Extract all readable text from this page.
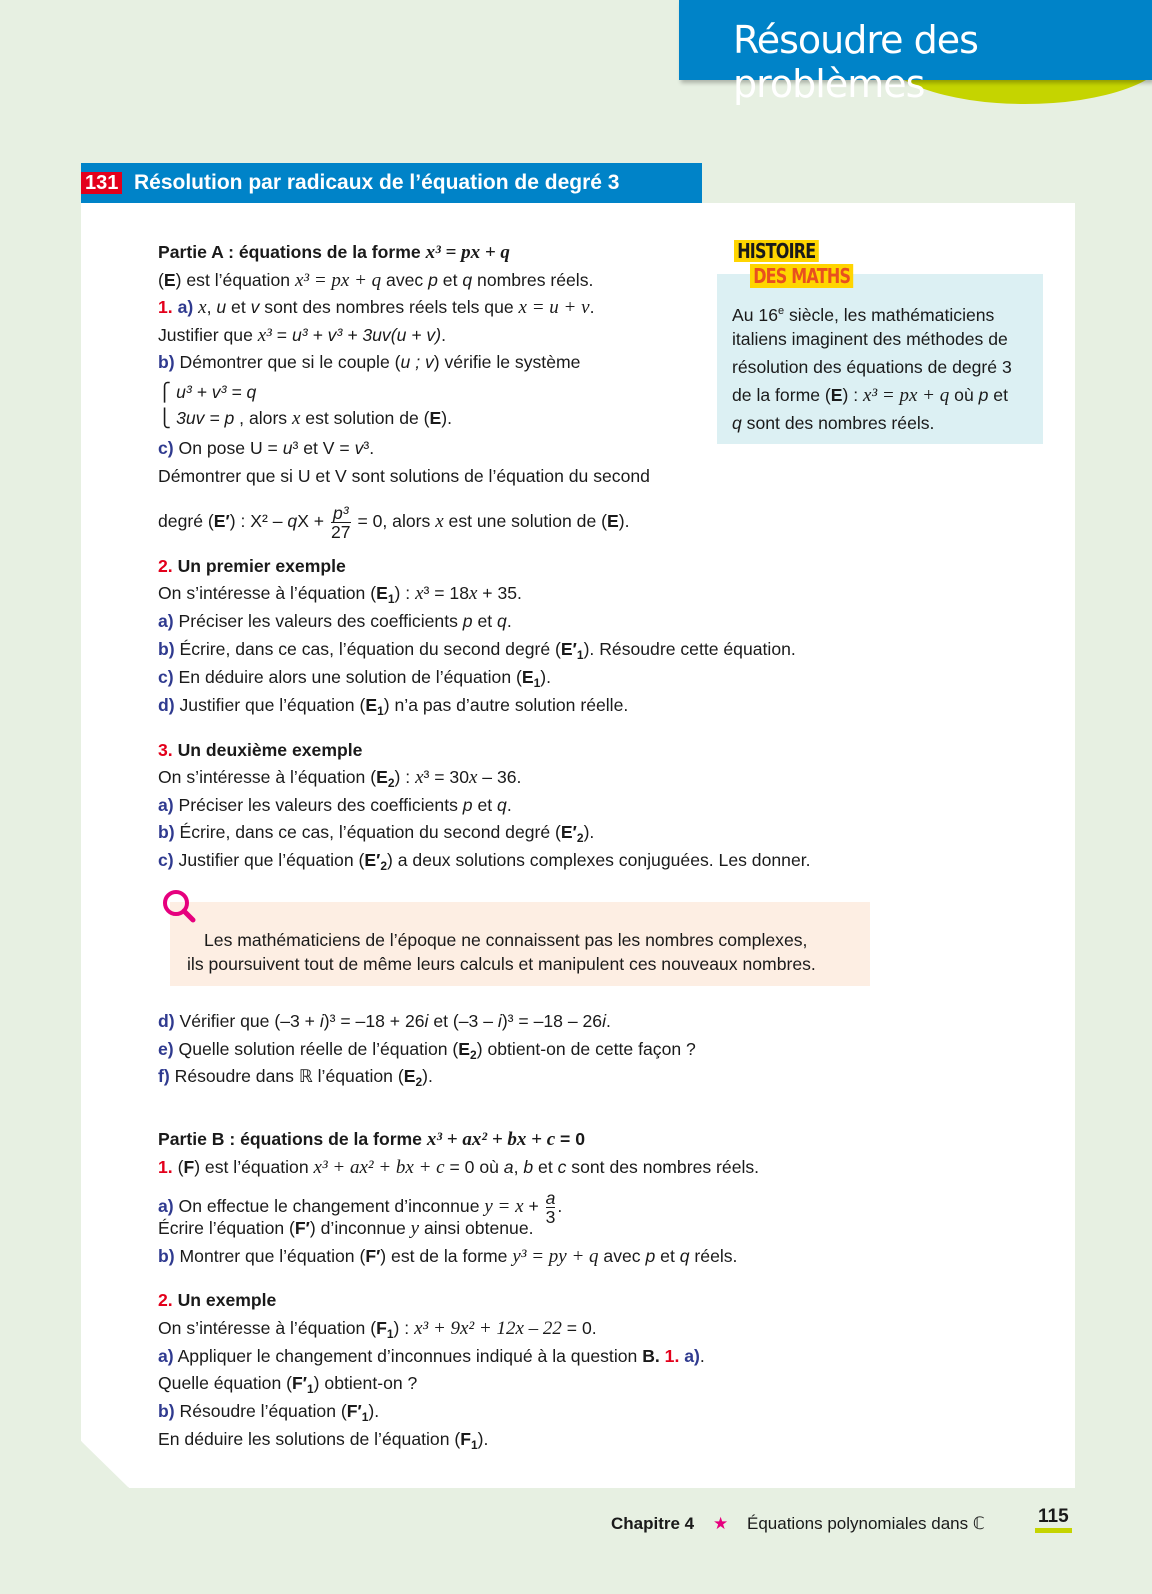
Résoudre des problèmes
131 Résolution par radicaux de l’équation de degré 3
Partie A : équations de la forme x³ = px + q
(E) est l’équation x³ = px + q avec p et q nombres réels.
1. a) x, u et v sont des nombres réels tels que x = u + v.
Justifier que x³ = u³ + v³ + 3uv(u + v).
b) Démontrer que si le couple (u ; v) vérifie le système
⎧ u³ + v³ = q
⎩ 3uv = p , alors x est solution de (E).
c) On pose U = u³ et V = v³.
Démontrer que si U et V sont solutions de l’équation du second
degré (E′) : X² – qX + $\frac{\text{p³}}{27} = 0$, alors x est une solution de (E).
2. Un premier exemple
On s’intéresse à l’équation $(E_1)$ : x³ = 18x + 35.
a) Préciser les valeurs des coefficients p et q.
b) Écrire, dans ce cas, l’équation du second degré $(E'_1)$. Résoudre cette équation.
c) En déduire alors une solution de l’équation $(E_1)$.
d) Justifier que l’équation $(E_1)$ n’a pas d’autre solution réelle.
3. Un deuxième exemple
On s’intéresse à l’équation $(E_2)$ : x³ = 30x – 36.
a) Préciser les valeurs des coefficients p et q.
b) Écrire, dans ce cas, l’équation du second degré $(E'_2)$.
c) Justifier que l’équation $(E'_2)$ a deux solutions complexes conjuguées. Les donner.
d) Vérifier que (–3 + i)³ = –18 + 26i et (–3 – i)³ = –18 – 26i.
e) Quelle solution réelle de l’équation $(E_2)$ obtient-on de cette façon ?
f) Résoudre dans ℝ l’équation $(E_2)$.
Partie B : équations de la forme x³ + ax² + bx + c = 0
1. (F) est l’équation x³ + ax² + bx + c = 0 où a, b et c sont des nombres réels.
a) On effectue le changement d’inconnue $y = x + \frac{a}{3}$ .
Écrire l’équation (F′) d’inconnue y ainsi obtenue.
b) Montrer que l’équation (F′) est de la forme y³ = py + q avec p et q réels.
2. Un exemple
On s’intéresse à l’équation $(F_1)$ : x³ + 9x² + 12x – 22 = 0.
a) Appliquer le changement d’inconnues indiqué à la question B. 1. a).
Quelle équation $(F'_1)$ obtient-on ?
b) Résoudre l’équation $(F'_1)$.
En déduire les solutions de l’équation $(F_1)$.
HISTOIRE
DES MATHS
Au 16e siècle, les mathématiciens
italiens imaginent des méthodes de
résolution des équations de degré 3
de la forme (E) : x³ = px + q où p et
q sont des nombres réels.
Les mathématiciens de l’époque ne connaissent pas les nombres complexes,
ils poursuivent tout de même leurs calculs et manipulent ces nouveaux nombres.
Chapitre 4 ★ Équations polynomiales dans ℂ	115
